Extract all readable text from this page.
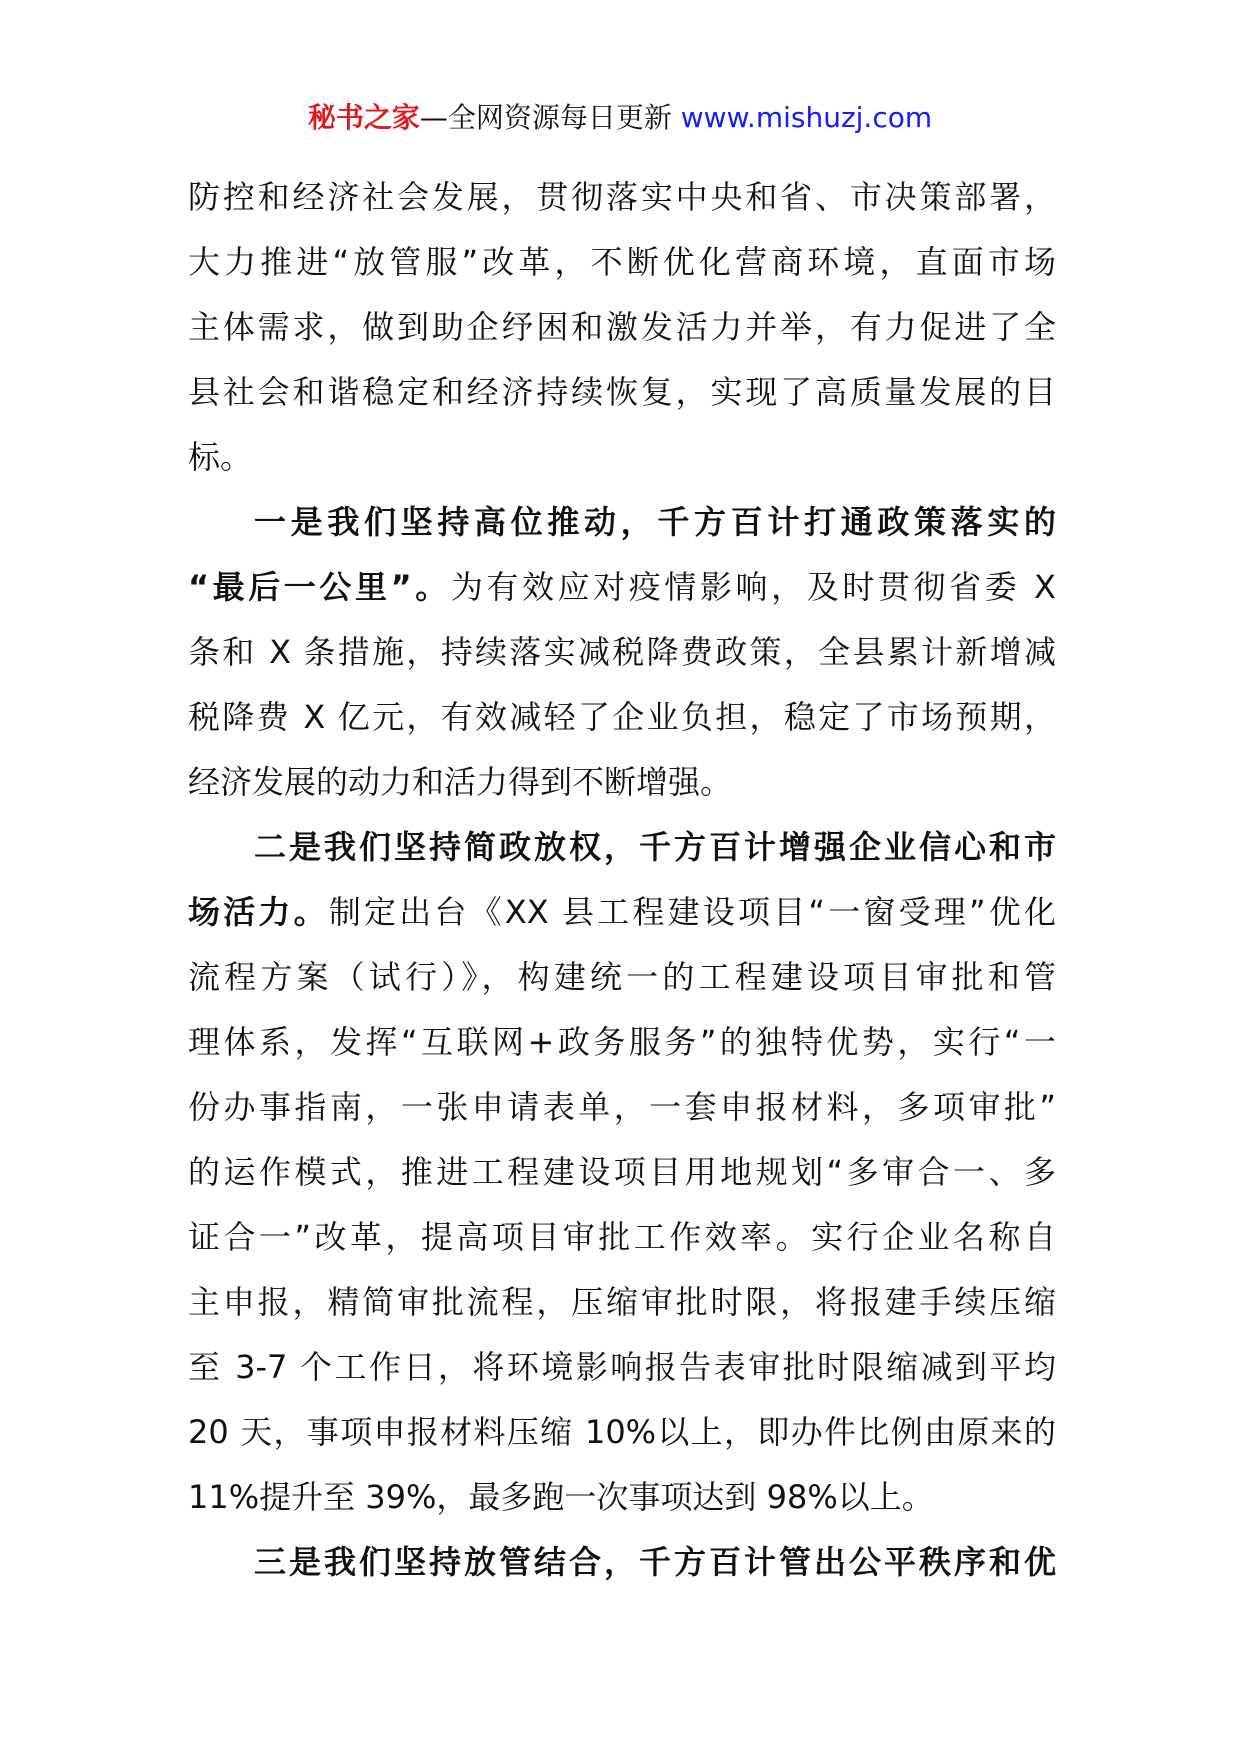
秘书之家—全网资源每日更新 www.mishuzj.com
防控和经济社会发展，贯彻落实中央和省、市决策部署，
大力推进“放管服”改革，不断优化营商环境，直面市场
主体需求，做到助企纾困和激发活力并举，有力促进了全
县社会和谐稳定和经济持续恢复，实现了高质量发展的目
标。
一是我们坚持高位推动，千方百计打通政策落实的
“最后一公里”。为有效应对疫情影响，及时贯彻省委 X
条和 X 条措施，持续落实减税降费政策，全县累计新增减
税降费 X 亿元，有效减轻了企业负担，稳定了市场预期，
经济发展的动力和活力得到不断增强。
二是我们坚持简政放权，千方百计增强企业信心和市
场活力。制定出台《XX 县工程建设项目“一窗受理”优化
流程方案（试行）》，构建统一的工程建设项目审批和管
理体系，发挥“互联网+政务服务”的独特优势，实行“一
份办事指南，一张申请表单，一套申报材料，多项审批”
的运作模式，推进工程建设项目用地规划“多审合一、多
证合一”改革，提高项目审批工作效率。实行企业名称自
主申报，精简审批流程，压缩审批时限，将报建手续压缩
至 3-7 个工作日，将环境影响报告表审批时限缩减到平均
20 天，事项申报材料压缩 10%以上，即办件比例由原来的
11%提升至 39%，最多跑一次事项达到 98%以上。
三是我们坚持放管结合，千方百计管出公平秩序和优
